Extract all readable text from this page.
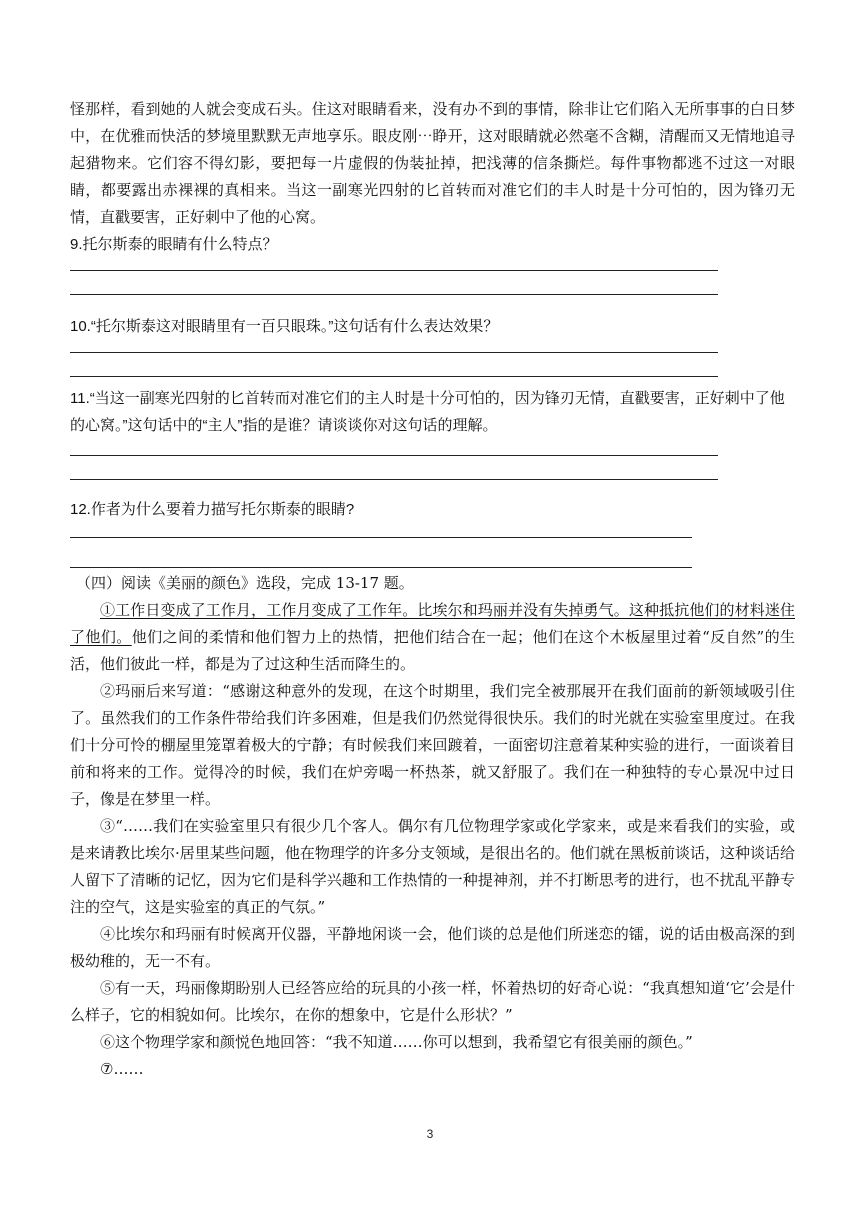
怪那样，看到她的人就会变成石头。住这对眼睛看来，没有办不到的事情，除非让它们陷入无所事事的白日梦中，在优雅而快活的梦境里默默无声地享乐。眼皮刚⋯睁开，这对眼睛就必然毫不含糊，清醒而又无情地追寻起猎物来。它们容不得幻影，要把每一片虚假的伪装扯掉，把浅薄的信条撕烂。每件事物都逃不过这一对眼睛，都要露出赤裸裸的真相来。当这一副寒光四射的匕首转而对准它们的丰人时是十分可怕的，因为锋刃无情，直戳要害，正好刺中了他的心窝。

9.托尔斯泰的眼睛有什么特点？

10.“托尔斯泰这对眼睛里有一百只眼珠。”这句话有什么表达效果？

11.“当这一副寒光四射的匕首转而对准它们的主人时是十分可怕的，因为锋刃无情，直戳要害，正好刺中了他的心窝。”这句话中的“主人”指的是谁？请谈谈你对这句话的理解。

12.作者为什么要着力描写托尔斯泰的眼睛?

（四）阅读《美丽的颜色》选段，完成 13-17 题。

①工作日变成了工作月，工作月变成了工作年。比埃尔和玛丽并没有失掉勇气。这种抵抗他们的材料迷住了他们。他们之间的柔情和他们智力上的热情，把他们结合在一起；他们在这个木板屋里过着“反自然”的生活，他们彼此一样，都是为了过这种生活而降生的。

②玛丽后来写道：“感谢这种意外的发现，在这个时期里，我们完全被那展开在我们面前的新领域吸引住了。虽然我们的工作条件带给我们许多困难，但是我们仍然觉得很快乐。我们的时光就在实验室里度过。在我们十分可怜的棚屋里笼罩着极大的宁静；有时候我们来回踱着，一面密切注意着某种实验的进行，一面谈着目前和将来的工作。觉得冷的时候，我们在炉旁喝一杯热茶，就又舒服了。我们在一种独特的专心景况中过日子，像是在梦里一样。

③“……我们在实验室里只有很少几个客人。偶尔有几位物理学家或化学家来，或是来看我们的实验，或是来请教比埃尔·居里某些问题，他在物理学的许多分支领域，是很出名的。他们就在黑板前谈话，这种谈话给人留下了清晰的记忆，因为它们是科学兴趣和工作热情的一种提神剂，并不打断思考的进行，也不扰乱平静专注的空气，这是实验室的真正的气氛。”

④比埃尔和玛丽有时候离开仪器，平静地闲谈一会，他们谈的总是他们所迷恋的镭，说的话由极高深的到极幼稚的，无一不有。

⑤有一天，玛丽像期盼别人已经答应给的玩具的小孩一样，怀着热切的好奇心说：“我真想知道‘它’会是什么样子，它的相貌如何。比埃尔，在你的想象中，它是什么形状？”

⑥这个物理学家和颜悦色地回答：“我不知道……你可以想到，我希望它有很美丽的颜色。”

⑦……

3
